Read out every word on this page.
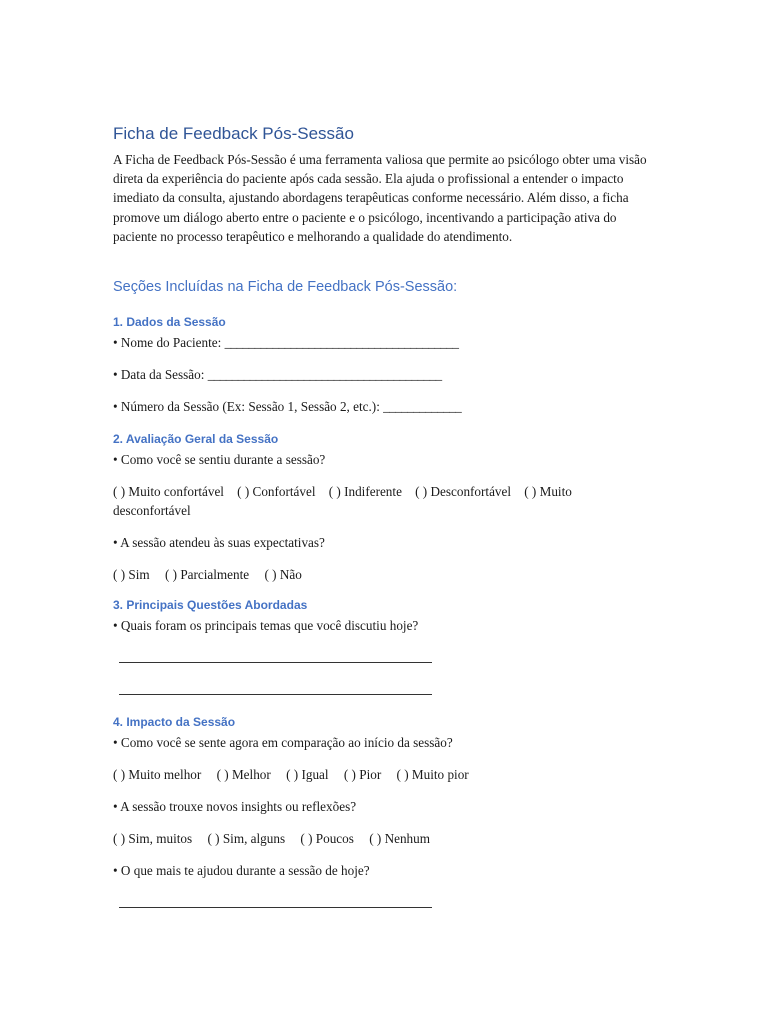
Ficha de Feedback Pós-Sessão

A Ficha de Feedback Pós-Sessão é uma ferramenta valiosa que permite ao psicólogo obter uma visão direta da experiência do paciente após cada sessão. Ela ajuda o profissional a entender o impacto imediato da consulta, ajustando abordagens terapêuticas conforme necessário. Além disso, a ficha promove um diálogo aberto entre o paciente e o psicólogo, incentivando a participação ativa do paciente no processo terapêutico e melhorando a qualidade do atendimento.

Seções Incluídas na Ficha de Feedback Pós-Sessão:
1. Dados da Sessão
• Nome do Paciente: _______________________________________
• Data da Sessão: _______________________________________
• Número da Sessão (Ex: Sessão 1, Sessão 2, etc.): _____________
2. Avaliação Geral da Sessão
• Como você se sentiu durante a sessão?
( ) Muito confortável    ( ) Confortável    ( ) Indiferente    ( ) Desconfortável    ( ) Muito desconfortável
• A sessão atendeu às suas expectativas?
( ) Sim ( ) Parcialmente ( ) Não
3. Principais Questões Abordadas
• Quais foram os principais temas que você discutiu hoje?
4. Impacto da Sessão
• Como você se sente agora em comparação ao início da sessão?
( ) Muito melhor ( ) Melhor ( ) Igual ( ) Pior ( ) Muito pior
• A sessão trouxe novos insights ou reflexões?
( ) Sim, muitos ( ) Sim, alguns ( ) Poucos ( ) Nenhum
• O que mais te ajudou durante a sessão de hoje?
